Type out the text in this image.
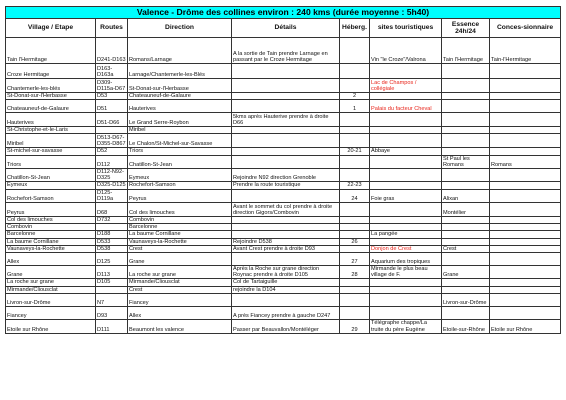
Valence - Drôme des collines environ : 240 kms (durée moyenne : 5h40)							
Village / Etape	Routes	Direction	Détails	Héberg.	sites touristiques	Essence 24h/24	Conces-sionnaire
Tain l'Hermitage	D241-D163	Romans/Larnage	A la sortie de Tain prendre Larnage en passant par le Croze Hermitage		Vin "le Croze"/Valrona	Tain l'Hermitage	Tain-l'Hermitage
Croze Hermitage	D163- D163a	Larnage/Chantemerle-les-Blés					
Chantemerle-les-blés	D309- D115a-D67	St-Donat-sur-l'Herbasse			Lac de Champos / collégiale		
St-Donat-sur-l'Herbasse	D53	Chateauneuf-de-Galaure		2			
Chateauneuf-de-Galaure	D51	Hauterives		1	Palais du facteur Cheval		
Hauterives	D51-D66	Le Grand Serre-Roybon	5kms après Hauterive prendre à droite D66				
St-Christophe-et-le-Laris		Miribel					
Miribel	D513-D67- D355-D867	Le Chalon/St-Michel-sur-Savasse					
St-michel-sur-savasse	D52	Triors		20-21	Abbaye		
Triors	D112	Chatillon-St-Jean				St Paul les Romans	Romans
Chatillon-St-Jean	D112-N92- D325	Eymeux	Rejoindre N92 direction Grenoble				
Eymeux	D325-D125	Rochefort-Samson	Prendre la route touristique	22-23			
Rochefort-Samson	D125- D119a	Peyrus		24	Foie gras	Alixan	
Peyrus	D68	Col des limouches	Avant le sommet du col prendre à droite direction Gigors/Combovin			Montélier	
Col des limouches	D732	Combovin					
Combovin		Barcelonne					
Barcelonne	D188	La baume Cornillane			La pangée		
La baume Cornillane	D533	Vaunaveys-la-Rochette	Rejoindre D538	26			
Vaunaveys-la-Rochette	D538	Crest	Avant Crest prendre à droite D93		Donjon de Crest	Crest	
Allex	D125	Grane		27	Aquarium des tropiques		
Grane	D113	La roche sur grane	Après la Roche sur grane direction Roynac prendre à droite D105	28	Mirmande le plus beau village de F.	Grane	
La roche sur grane	D105	Mirmande/Cliousclat	Col de Tartaiguille				
Mirmande/Cliousclat		Crest	rejoindre la D104				
Livron-sur-Drôme	N7	Fiancey				Livron-sur-Drôme	
Fiancey	D93	Allex	A près Fiancey prendre à gauche D247				
Etoile sur Rhône	D111	Beaumont les valence	Passer par Beauvallon/Montéléger	29	Télégraphe chappe/La truite du père Eugène	Etoile-sur-Rhône	Etoile sur Rhône
